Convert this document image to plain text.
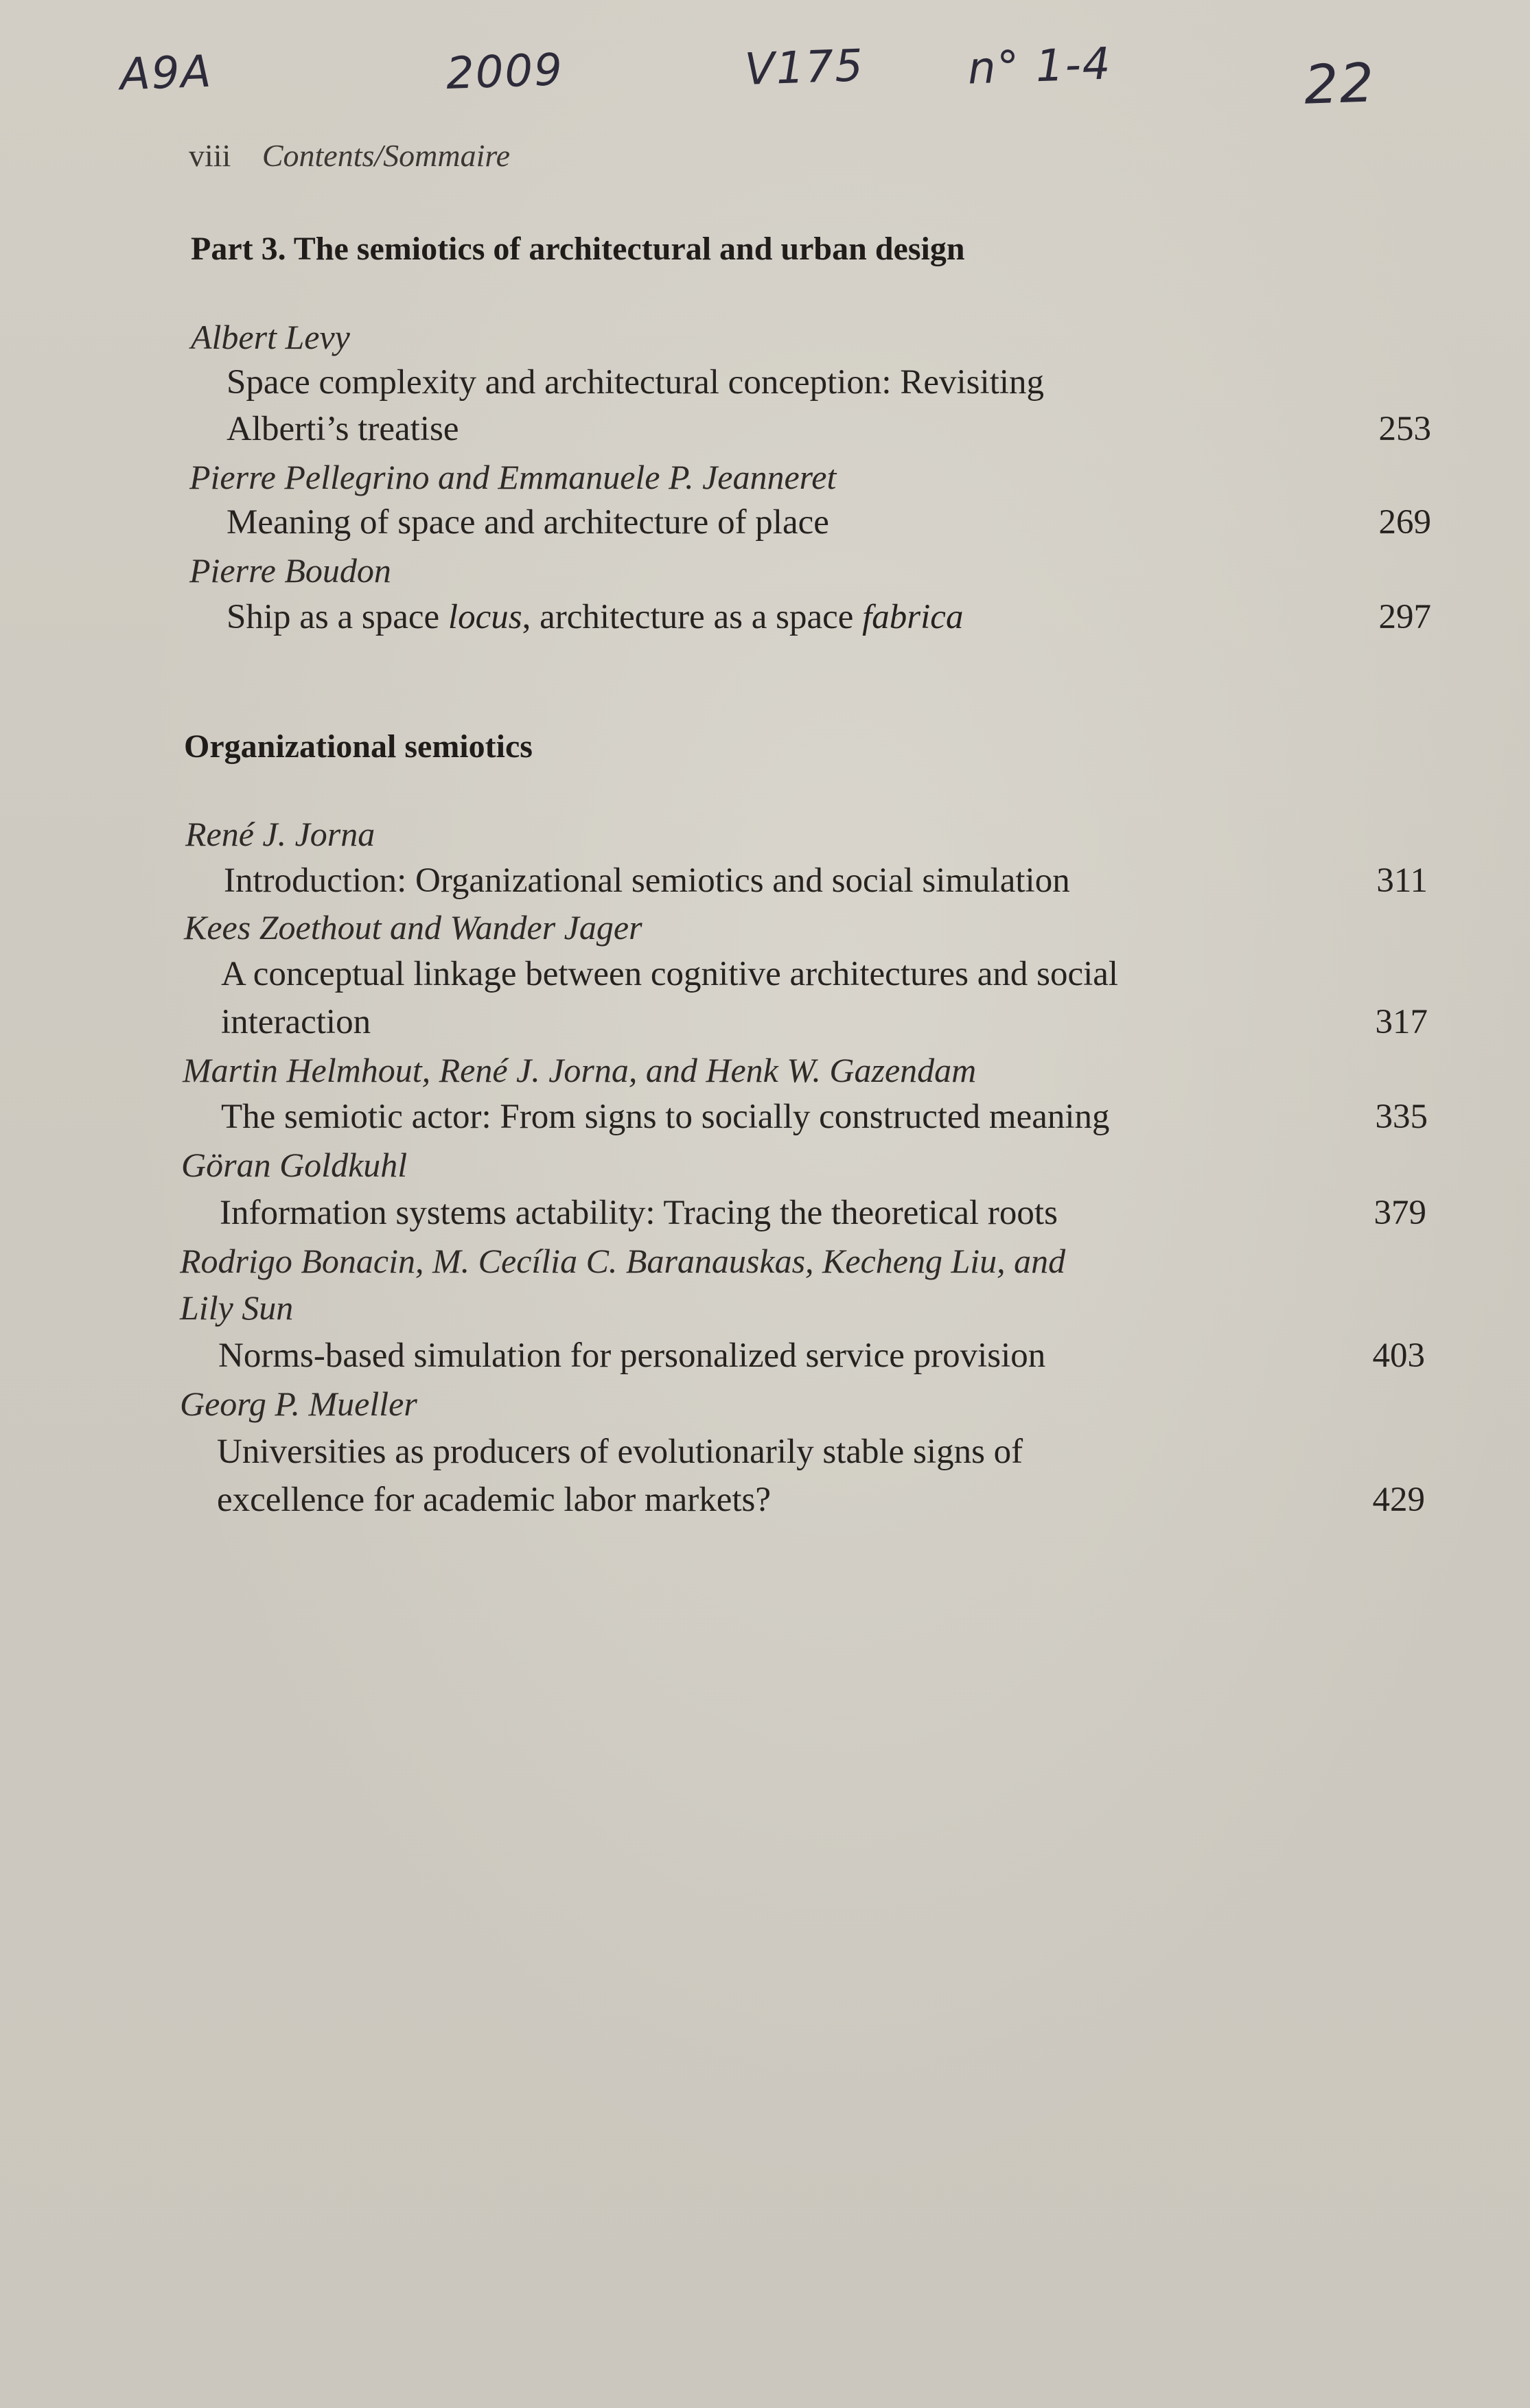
A9A	2009	V175 n° 1-4	22
viii Contents/Sommaire
Part 3. The semiotics of architectural and urban design
Albert Levy
Space complexity and architectural conception: Revisiting
Alberti’s treatise	253
Pierre Pellegrino and Emmanuele P. Jeanneret
Meaning of space and architecture of place	269
Pierre Boudon
Ship as a space locus, architecture as a space fabrica	297
Organizational semiotics
René J. Jorna
Introduction: Organizational semiotics and social simulation	311
Kees Zoethout and Wander Jager
A conceptual linkage between cognitive architectures and social
interaction	317
Martin Helmhout, René J. Jorna, and Henk W. Gazendam
The semiotic actor: From signs to socially constructed meaning	335
Göran Goldkuhl
Information systems actability: Tracing the theoretical roots	379
Rodrigo Bonacin, M. Cecília C. Baranauskas, Kecheng Liu, and
Lily Sun
Norms-based simulation for personalized service provision	403
Georg P. Mueller
Universities as producers of evolutionarily stable signs of
excellence for academic labor markets?	429
